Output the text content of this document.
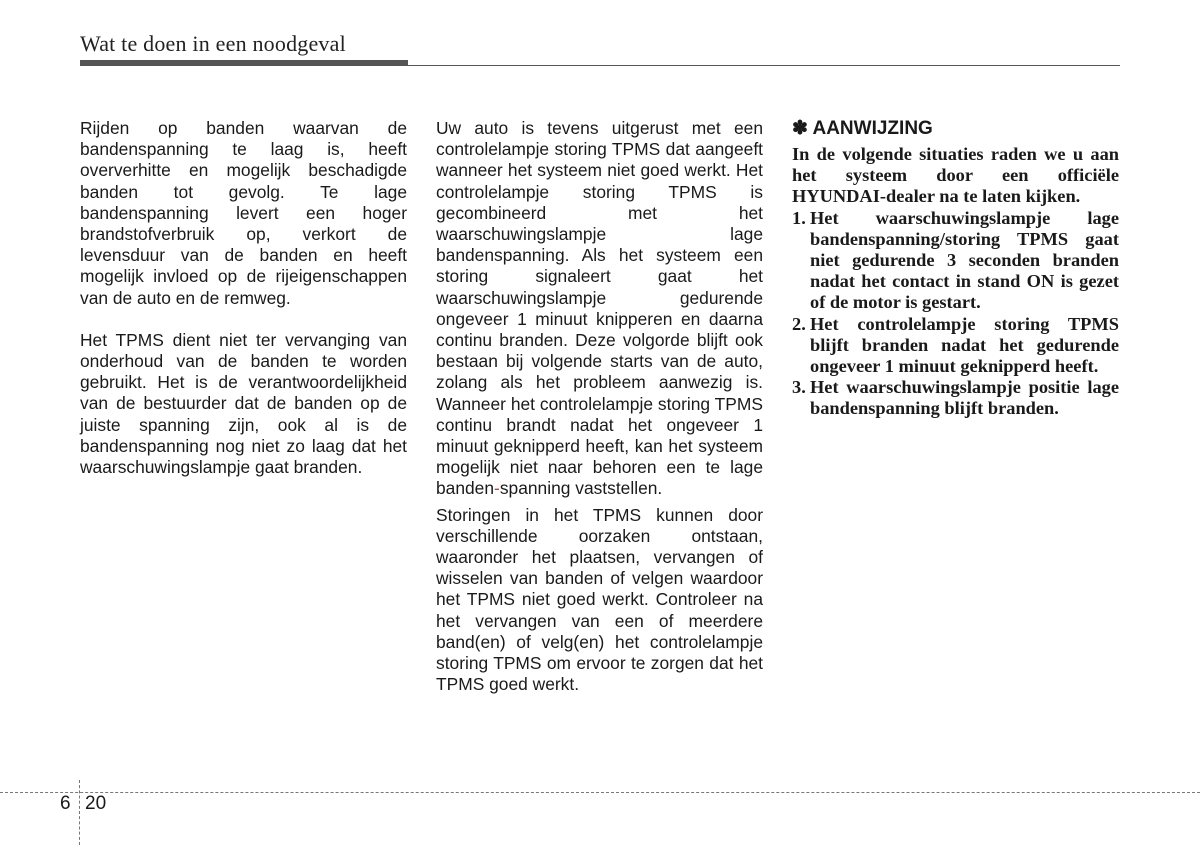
Wat te doen in een noodgeval

Rijden op banden waarvan de bandenspanning te laag is, heeft oververhitte en mogelijk beschadigde banden tot gevolg. Te lage bandenspanning levert een hoger brandstofverbruik op, verkort de levensduur van de banden en heeft mogelijk invloed op de rijeigenschappen van de auto en de remweg.

Het TPMS dient niet ter vervanging van onderhoud van de banden te worden gebruikt. Het is de verantwoordelijkheid van de bestuurder dat de banden op de juiste spanning zijn, ook al is de bandenspanning nog niet zo laag dat het waarschuwingslampje gaat branden.

Uw auto is tevens uitgerust met een controlelampje storing TPMS dat aangeeft wanneer het systeem niet goed werkt. Het controlelampje storing TPMS is gecombineerd met het waarschuwingslampje lage bandenspanning. Als het systeem een storing signaleert gaat het waarschuwingslampje gedurende ongeveer 1 minuut knipperen en daarna continu branden. Deze volgorde blijft ook bestaan bij volgende starts van de auto, zolang als het probleem aanwezig is. Wanneer het controlelampje storing TPMS continu brandt nadat het ongeveer 1 minuut geknipperd heeft, kan het systeem mogelijk niet naar behoren een te lage banden-spanning vaststellen.

Storingen in het TPMS kunnen door verschillende oorzaken ontstaan, waaronder het plaatsen, vervangen of wisselen van banden of velgen waardoor het TPMS niet goed werkt. Controleer na het vervangen van een of meerdere band(en) of velg(en) het controlelampje storing TPMS om ervoor te zorgen dat het TPMS goed werkt.

✽ AANWIJZING

In de volgende situaties raden we u aan het systeem door een officiële HYUNDAI-dealer na te laten kijken.

1. Het waarschuwingslampje lage bandenspanning/storing TPMS gaat niet gedurende 3 seconden branden nadat het contact in stand ON is gezet of de motor is gestart.
2. Het controlelampje storing TPMS blijft branden nadat het gedurende ongeveer 1 minuut geknipperd heeft.
3. Het waarschuwingslampje positie lage bandenspanning blijft branden.
6 20
